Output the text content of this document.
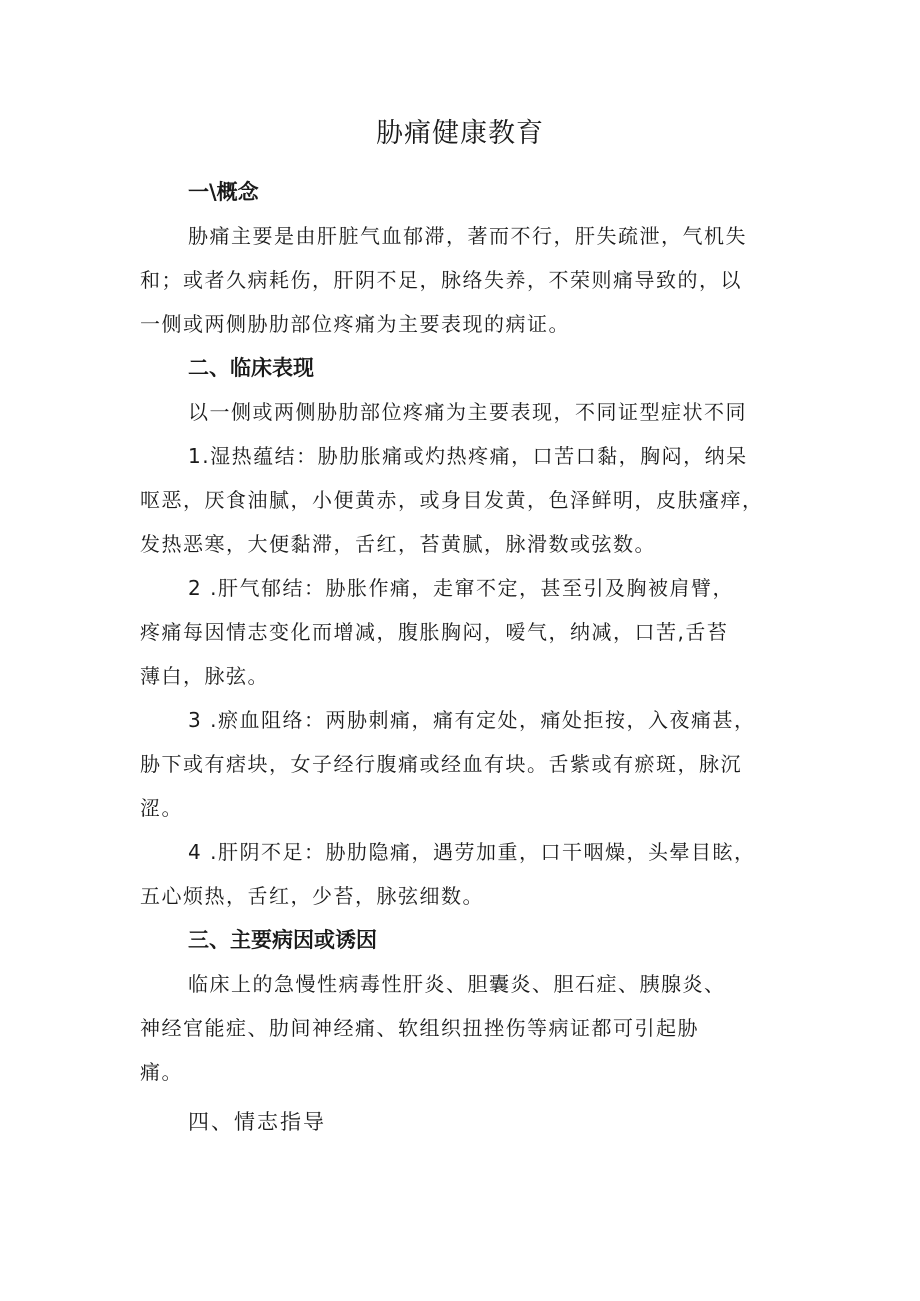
胁痛健康教育
一\概念

胁痛主要是由肝脏气血郁滞，著而不行，肝失疏泄，气机失
和；或者久病耗伤，肝阴不足，脉络失养，不荣则痛导致的，以
一侧或两侧胁肋部位疼痛为主要表现的病证。

二、临床表现

以一侧或两侧胁肋部位疼痛为主要表现，不同证型症状不同

1.湿热蕴结：胁肋胀痛或灼热疼痛，口苦口黏，胸闷，纳呆
呕恶，厌食油腻，小便黄赤，或身目发黄，色泽鲜明，皮肤瘙痒，
发热恶寒，大便黏滞，舌红，苔黄腻，脉滑数或弦数。

2 .肝气郁结：胁胀作痛，走窜不定，甚至引及胸被肩臂，
疼痛每因情志变化而增减，腹胀胸闷，嗳气，纳减，口苦,舌苔
薄白，脉弦。

3 .瘀血阻络：两胁刺痛，痛有定处，痛处拒按，入夜痛甚，
胁下或有痞块，女子经行腹痛或经血有块。舌紫或有瘀斑，脉沉
涩。

4 .肝阴不足：胁肋隐痛，遇劳加重，口干咽燥，头晕目眩，
五心烦热，舌红，少苔，脉弦细数。

三、主要病因或诱因

临床上的急慢性病毒性肝炎、胆囊炎、胆石症、胰腺炎、
神经官能症、肋间神经痛、软组织扭挫伤等病证都可引起胁
痛。

四、情志指导
